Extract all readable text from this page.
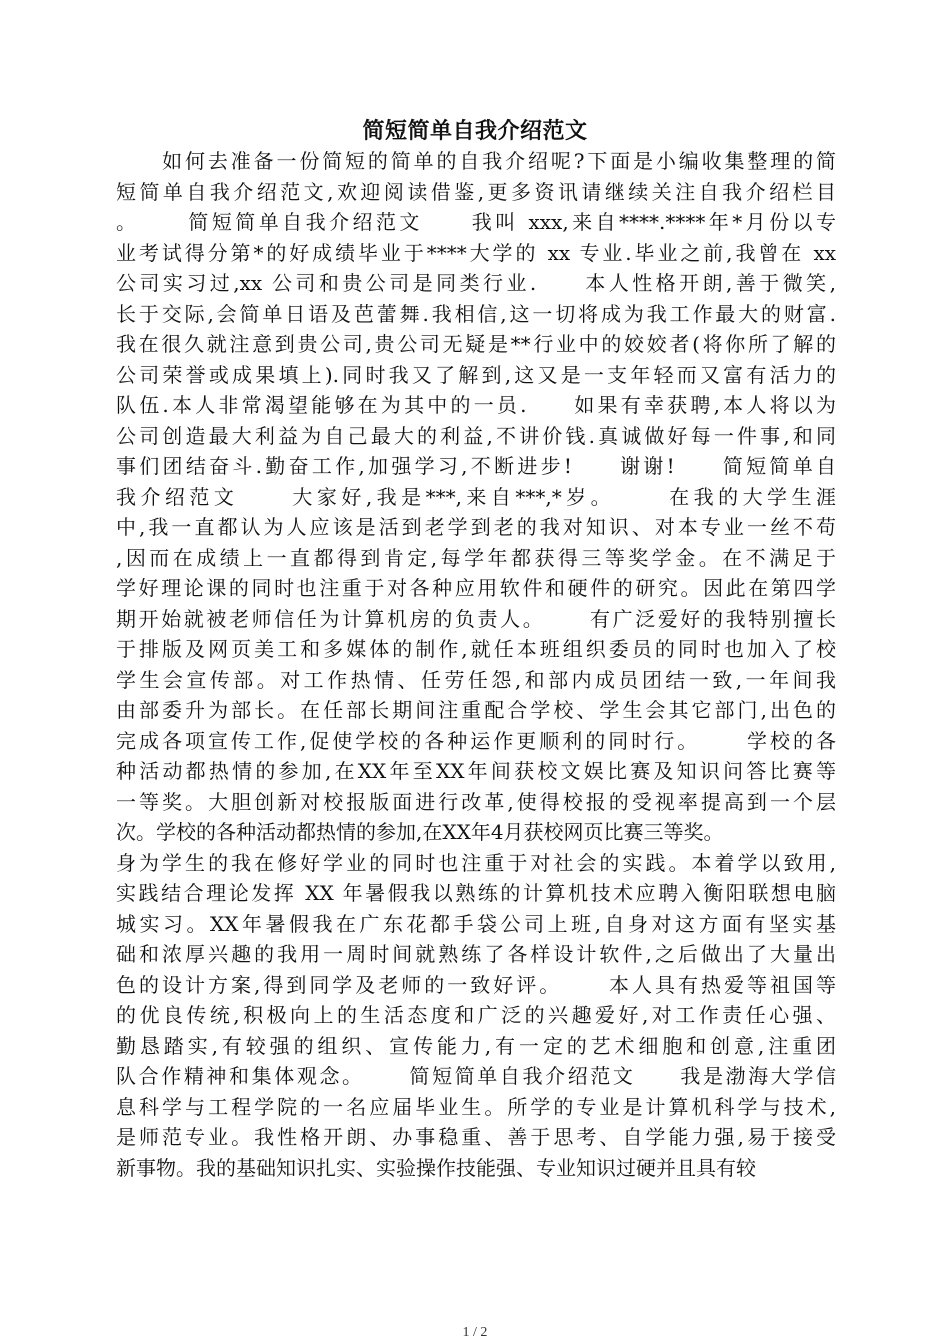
简短简单自我介绍范文
如何去准备一份简短的简单的自我介绍呢?下面是小编收集整理的简
短简单自我介绍范文,欢迎阅读借鉴,更多资讯请继续关注自我介绍栏目
。     简短简单自我介绍范文     我叫 xxx,来自****.****年*月份以专
业考试得分第*的好成绩毕业于****大学的 xx 专业.毕业之前,我曾在 xx
公司实习过,xx 公司和贵公司是同类行业.     本人性格开朗,善于微笑,
长于交际,会简单日语及芭蕾舞.我相信,这一切将成为我工作最大的财富.
我在很久就注意到贵公司,贵公司无疑是**行业中的姣姣者(将你所了解的
公司荣誉或成果填上).同时我又了解到,这又是一支年轻而又富有活力的
队伍.本人非常渴望能够在为其中的一员.     如果有幸获聘,本人将以为
公司创造最大利益为自己最大的利益,不讲价钱.真诚做好每一件事,和同
事们团结奋斗.勤奋工作,加强学习,不断进步!     谢谢!     简短简单自
我介绍范文     大家好,我是***,来自***,*岁。     在我的大学生涯
中,我一直都认为人应该是活到老学到老的我对知识、对本专业一丝不苟
,因而在成绩上一直都得到肯定,每学年都获得三等奖学金。在不满足于
学好理论课的同时也注重于对各种应用软件和硬件的研究。因此在第四学
期开始就被老师信任为计算机房的负责人。     有广泛爱好的我特别擅长
于排版及网页美工和多媒体的制作,就任本班组织委员的同时也加入了校
学生会宣传部。对工作热情、任劳任怨,和部内成员团结一致,一年间我
由部委升为部长。在任部长期间注重配合学校、学生会其它部门,出色的
完成各项宣传工作,促使学校的各种运作更顺利的同时行。     学校的各
种活动都热情的参加,在XX年至XX年间获校文娱比赛及知识问答比赛等
一等奖。大胆创新对校报版面进行改革,使得校报的受视率提高到一个层
次。学校的各种活动都热情的参加,在XX年4月获校网页比赛三等奖。
身为学生的我在修好学业的同时也注重于对社会的实践。本着学以致用,
实践结合理论发挥 XX 年暑假我以熟练的计算机技术应聘入衡阳联想电脑
城实习。XX年暑假我在广东花都手袋公司上班,自身对这方面有坚实基
础和浓厚兴趣的我用一周时间就熟练了各样设计软件,之后做出了大量出
色的设计方案,得到同学及老师的一致好评。     本人具有热爱等祖国等
的优良传统,积极向上的生活态度和广泛的兴趣爱好,对工作责任心强、
勤恳踏实,有较强的组织、宣传能力,有一定的艺术细胞和创意,注重团
队合作精神和集体观念。     简短简单自我介绍范文     我是渤海大学信
息科学与工程学院的一名应届毕业生。所学的专业是计算机科学与技术,
是师范专业。我性格开朗、办事稳重、善于思考、自学能力强,易于接受
新事物。我的基础知识扎实、实验操作技能强、专业知识过硬并且具有较
1 / 2
